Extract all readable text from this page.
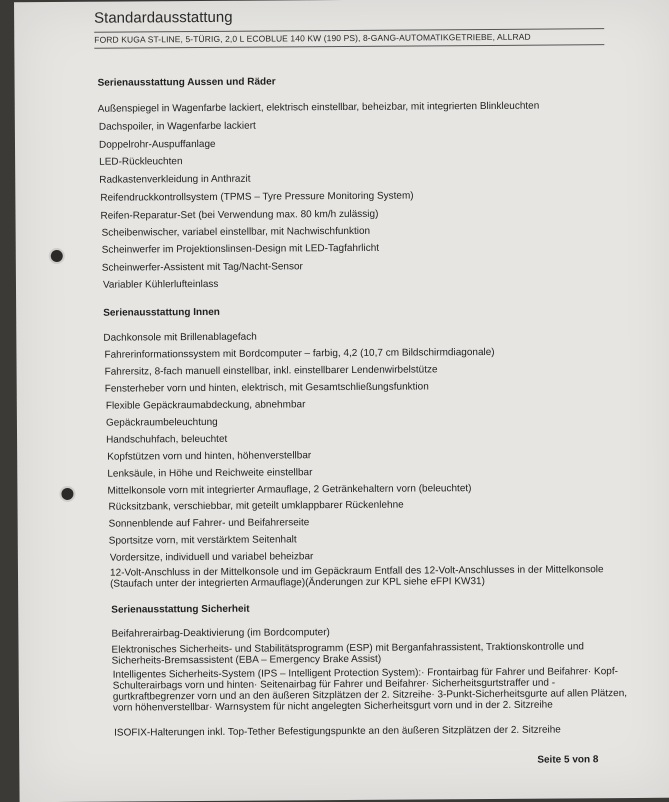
Standardausstattung
FORD KUGA ST-LINE, 5-TÜRIG, 2,0 L ECOBLUE 140 KW (190 PS), 8-GANG-AUTOMATIKGETRIEBE, ALLRAD
Serienausstattung Aussen und Räder
Außenspiegel in Wagenfarbe lackiert, elektrisch einstellbar, beheizbar, mit integrierten Blinkleuchten
Dachspoiler, in Wagenfarbe lackiert
Doppelrohr-Auspuffanlage
LED-Rückleuchten
Radkastenverkleidung in Anthrazit
Reifendruckkontrollsystem (TPMS – Tyre Pressure Monitoring System)
Reifen-Reparatur-Set (bei Verwendung max. 80 km/h zulässig)
Scheibenwischer, variabel einstellbar, mit Nachwischfunktion
Scheinwerfer im Projektionslinsen-Design mit LED-Tagfahrlicht
Scheinwerfer-Assistent mit Tag/Nacht-Sensor
Variabler Kühlerlufteinlass
Serienausstattung Innen
Dachkonsole mit Brillenablagefach
Fahrerinformationssystem mit Bordcomputer – farbig, 4,2 (10,7 cm Bildschirmdiagonale)
Fahrersitz, 8-fach manuell einstellbar, inkl. einstellbarer Lendenwirbelstütze
Fensterheber vorn und hinten, elektrisch, mit Gesamtschließungsfunktion
Flexible Gepäckraumabdeckung, abnehmbar
Gepäckraumbeleuchtung
Handschuhfach, beleuchtet
Kopfstützen vorn und hinten, höhenverstellbar
Lenksäule, in Höhe und Reichweite einstellbar
Mittelkonsole vorn mit integrierter Armauflage, 2 Getränkehaltern vorn (beleuchtet)
Rücksitzbank, verschiebbar, mit geteilt umklappbarer Rückenlehne
Sonnenblende auf Fahrer- und Beifahrerseite
Sportsitze vorn, mit verstärktem Seitenhalt
Vordersitze, individuell und variabel beheizbar
12-Volt-Anschluss in der Mittelkonsole und im Gepäckraum Entfall des 12-Volt-Anschlusses in der Mittelkonsole (Staufach unter der integrierten Armauflage)(Änderungen zur KPL siehe eFPI KW31)
Serienausstattung Sicherheit
Beifahrerairbag-Deaktivierung (im Bordcomputer)
Elektronisches Sicherheits- und Stabilitätsprogramm (ESP) mit Berganfahrassistent, Traktionskontrolle und Sicherheits-Bremsassistent (EBA – Emergency Brake Assist)
Intelligentes Sicherheits-System (IPS – Intelligent Protection System):· Frontairbag für Fahrer und Beifahrer· Kopf-Schulterairbags vorn und hinten· Seitenairbag für Fahrer und Beifahrer· Sicherheitsgurtstraffer und -gurtkraftbegrenzer vorn und an den äußeren Sitzplätzen der 2. Sitzreihe· 3-Punkt-Sicherheitsgurte auf allen Plätzen, vorn höhenverstellbar· Warnsystem für nicht angelegten Sicherheitsgurt vorn und in der 2. Sitzreihe
ISOFIX-Halterungen inkl. Top-Tether Befestigungspunkte an den äußeren Sitzplätzen der 2. Sitzreihe
Seite 5 von 8
